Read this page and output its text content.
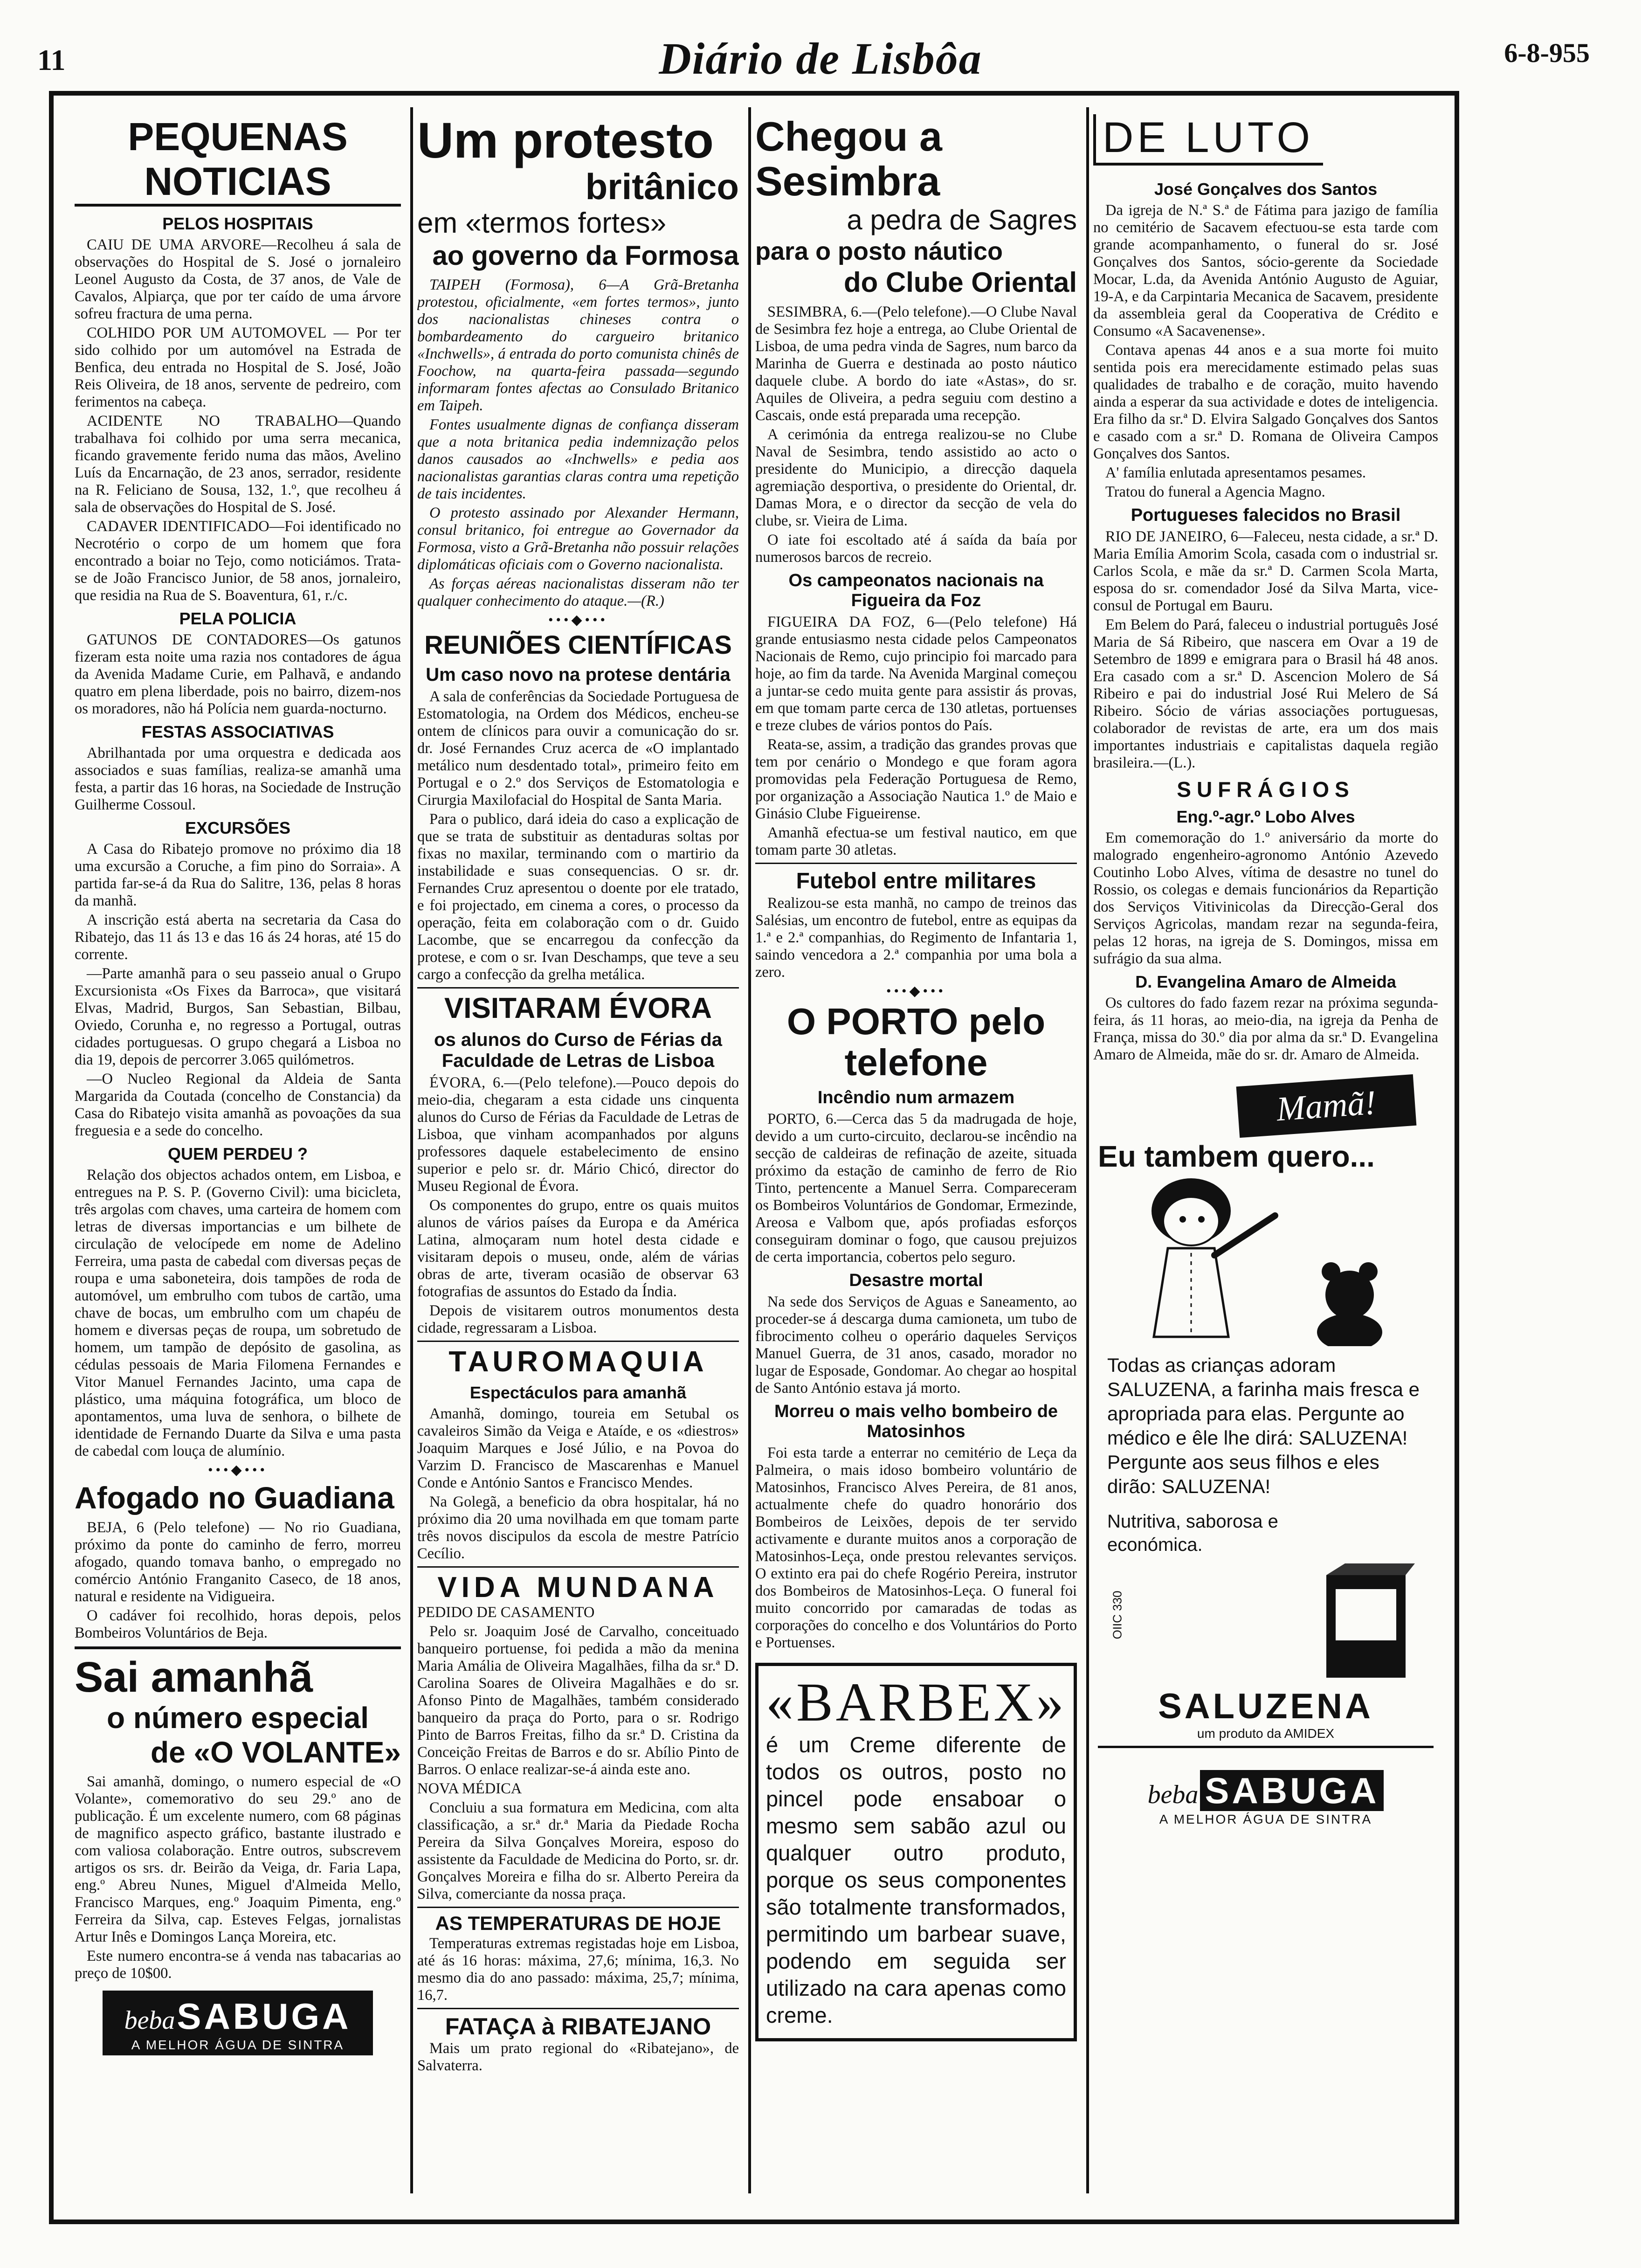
11	Diário de Lisbôa	6-8-955
PEQUENAS NOTICIAS
PELOS HOSPITAIS

CAIU DE UMA ARVORE—Recolheu á sala de observações do Hospital de S. José o jornaleiro Leonel Augusto da Costa, de 37 anos, de Vale de Cavalos, Alpiarça, que por ter caído de uma árvore sofreu fractura de uma perna.

COLHIDO POR UM AUTOMOVEL — Por ter sido colhido por um automóvel na Estrada de Benfica, deu entrada no Hospital de S. José, João Reis Oliveira, de 18 anos, servente de pedreiro, com ferimentos na cabeça.

ACIDENTE NO TRABALHO—Quando trabalhava foi colhido por uma serra mecanica, ficando gravemente ferido numa das mãos, Avelino Luís da Encarnação, de 23 anos, serrador, residente na R. Feliciano de Sousa, 132, 1.º, que recolheu á sala de observações do Hospital de S. José.

CADAVER IDENTIFICADO—Foi identificado no Necrotério o corpo de um homem que fora encontrado a boiar no Tejo, como noticiámos. Trata-se de João Francisco Junior, de 58 anos, jornaleiro, que residia na Rua de S. Boaventura, 61, r./c.

PELA POLICIA

GATUNOS DE CONTADORES—Os gatunos fizeram esta noite uma razia nos contadores de água da Avenida Madame Curie, em Palhavã, e andando quatro em plena liberdade, pois no bairro, dizem-nos os moradores, não há Polícia nem guarda-nocturno.

FESTAS ASSOCIATIVAS

Abrilhantada por uma orquestra e dedicada aos associados e suas famílias, realiza-se amanhã uma festa, a partir das 16 horas, na Sociedade de Instrução Guilherme Cossoul.

EXCURSÕES

A Casa do Ribatejo promove no próximo dia 18 uma excursão a Coruche, a fim pino do Sorraia». A partida far-se-á da Rua do Salitre, 136, pelas 8 horas da manhã.

A inscrição está aberta na secretaria da Casa do Ribatejo, das 11 ás 13 e das 16 ás 24 horas, até 15 do corrente.

—Parte amanhã para o seu passeio anual o Grupo Excursionista «Os Fixes da Barroca», que visitará Elvas, Madrid, Burgos, San Sebastian, Bilbau, Oviedo, Corunha e, no regresso a Portugal, outras cidades portuguesas. O grupo chegará a Lisboa no dia 19, depois de percorrer 3.065 quilómetros.

—O Nucleo Regional da Aldeia de Santa Margarida da Coutada (concelho de Constancia) da Casa do Ribatejo visita amanhã as povoações da sua freguesia e a sede do concelho.

QUEM PERDEU ?

Relação dos objectos achados ontem, em Lisboa, e entregues na P. S. P. (Governo Civil): uma bicicleta, três argolas com chaves, uma carteira de homem com letras de diversas importancias e um bilhete de circulação de velocípede em nome de Adelino Ferreira, uma pasta de cabedal com diversas peças de roupa e uma saboneteira, dois tampões de roda de automóvel, um embrulho com tubos de cartão, uma chave de bocas, um embrulho com um chapéu de homem e diversas peças de roupa, um sobretudo de homem, um tampão de depósito de gasolina, as cédulas pessoais de Maria Filomena Fernandes e Vitor Manuel Fernandes Jacinto, uma capa de plástico, uma máquina fotográfica, um bloco de apontamentos, uma luva de senhora, o bilhete de identidade de Fernando Duarte da Silva e uma pasta de cabedal com louça de alumínio.

•••◆•••
Afogado no Guadiana

BEJA, 6 (Pelo telefone) — No rio Guadiana, próximo da ponte do caminho de ferro, morreu afogado, quando tomava banho, o empregado no comércio António Franganito Caseco, de 18 anos, natural e residente na Vidigueira.

O cadáver foi recolhido, horas depois, pelos Bombeiros Voluntários de Beja.

Sai amanhã
o número especial
de «O VOLANTE»

Sai amanhã, domingo, o numero especial de «O Volante», comemorativo do seu 29.º ano de publicação. É um excelente numero, com 68 páginas de magnifico aspecto gráfico, bastante ilustrado e com valiosa colaboração. Entre outros, subscrevem artigos os srs. dr. Beirão da Veiga, dr. Faria Lapa, eng.º Abreu Nunes, Miguel d'Almeida Mello, Francisco Marques, eng.º Joaquim Pimenta, eng.º Ferreira da Silva, cap. Esteves Felgas, jornalistas Artur Inês e Domingos Lança Moreira, etc.

Este numero encontra-se á venda nas tabacarias ao preço de 10$00.

beba SABUGA
A MELHOR ÁGUA DE SINTRA
Um protesto
britânico
em «termos fortes»
ao governo da Formosa

TAIPEH (Formosa), 6—A Grã-Bretanha protestou, oficialmente, «em fortes termos», junto dos nacionalistas chineses contra o bombardeamento do cargueiro britanico «Inchwells», á entrada do porto comunista chinês de Foochow, na quarta-feira passada—segundo informaram fontes afectas ao Consulado Britanico em Taipeh.

Fontes usualmente dignas de confiança disseram que a nota britanica pedia indemnização pelos danos causados ao «Inchwells» e pedia aos nacionalistas garantias claras contra uma repetição de tais incidentes.

O protesto assinado por Alexander Hermann, consul britanico, foi entregue ao Governador da Formosa, visto a Grã-Bretanha não possuir relações diplomáticas oficiais com o Governo nacionalista.

As forças aéreas nacionalistas disseram não ter qualquer conhecimento do ataque.—(R.)

•••◆•••
REUNIÕES CIENTÍFICAS
Um caso novo na protese dentária

A sala de conferências da Sociedade Portuguesa de Estomatologia, na Ordem dos Médicos, encheu-se ontem de clínicos para ouvir a comunicação do sr. dr. José Fernandes Cruz acerca de «O implantado metálico num desdentado total», primeiro feito em Portugal e o 2.º dos Serviços de Estomatologia e Cirurgia Maxilofacial do Hospital de Santa Maria.

Para o publico, dará ideia do caso a explicação de que se trata de substituir as dentaduras soltas por fixas no maxilar, terminando com o martirio da instabilidade e suas consequencias. O sr. dr. Fernandes Cruz apresentou o doente por ele tratado, e foi projectado, em cinema a cores, o processo da operação, feita em colaboração com o dr. Guido Lacombe, que se encarregou da confecção da protese, e com o sr. Ivan Deschamps, que teve a seu cargo a confecção da grelha metálica.

VISITARAM ÉVORA
os alunos do Curso de Férias da Faculdade de Letras de Lisboa

ÉVORA, 6.—(Pelo telefone).—Pouco depois do meio-dia, chegaram a esta cidade uns cinquenta alunos do Curso de Férias da Faculdade de Letras de Lisboa, que vinham acompanhados por alguns professores daquele estabelecimento de ensino superior e pelo sr. dr. Mário Chicó, director do Museu Regional de Évora.

Os componentes do grupo, entre os quais muitos alunos de vários países da Europa e da América Latina, almoçaram num hotel desta cidade e visitaram depois o museu, onde, além de várias obras de arte, tiveram ocasião de observar 63 fotografias de assuntos do Estado da Índia.

Depois de visitarem outros monumentos desta cidade, regressaram a Lisboa.

TAUROMAQUIA
Espectáculos para amanhã

Amanhã, domingo, toureia em Setubal os cavaleiros Simão da Veiga e Ataíde, e os «diestros» Joaquim Marques e José Júlio, e na Povoa do Varzim D. Francisco de Mascarenhas e Manuel Conde e António Santos e Francisco Mendes.

Na Golegã, a beneficio da obra hospitalar, há no próximo dia 20 uma novilhada em que tomam parte três novos discipulos da escola de mestre Patrício Cecílio.

VIDA MUNDANA

PEDIDO DE CASAMENTO

Pelo sr. Joaquim José de Carvalho, conceituado banqueiro portuense, foi pedida a mão da menina Maria Amália de Oliveira Magalhães, filha da sr.ª D. Carolina Soares de Oliveira Magalhães e do sr. Afonso Pinto de Magalhães, também considerado banqueiro da praça do Porto, para o sr. Rodrigo Pinto de Barros Freitas, filho da sr.ª D. Cristina da Conceição Freitas de Barros e do sr. Abílio Pinto de Barros. O enlace realizar-se-á ainda este ano.

NOVA MÉDICA

Concluiu a sua formatura em Medicina, com alta classificação, a sr.ª dr.ª Maria da Piedade Rocha Pereira da Silva Gonçalves Moreira, esposo do assistente da Faculdade de Medicina do Porto, sr. dr. Gonçalves Moreira e filha do sr. Alberto Pereira da Silva, comerciante da nossa praça.

AS TEMPERATURAS DE HOJE

Temperaturas extremas registadas hoje em Lisboa, até ás 16 horas: máxima, 27,6; mínima, 16,3. No mesmo dia do ano passado: máxima, 25,7; mínima, 16,7.

FATAÇA à RIBATEJANO

Mais um prato regional do «Ribatejano», de Salvaterra.

Chegou a Sesimbra
a pedra de Sagres
para o posto náutico
do Clube Oriental

SESIMBRA, 6.—(Pelo telefone).—O Clube Naval de Sesimbra fez hoje a entrega, ao Clube Oriental de Lisboa, de uma pedra vinda de Sagres, num barco da Marinha de Guerra e destinada ao posto náutico daquele clube. A bordo do iate «Astas», do sr. Aquiles de Oliveira, a pedra seguiu com destino a Cascais, onde está preparada uma recepção.

A cerimónia da entrega realizou-se no Clube Naval de Sesimbra, tendo assistido ao acto o presidente do Municipio, a direcção daquela agremiação desportiva, o presidente do Oriental, dr. Damas Mora, e o director da secção de vela do clube, sr. Vieira de Lima.

O iate foi escoltado até á saída da baía por numerosos barcos de recreio.

Os campeonatos nacionais na Figueira da Foz

FIGUEIRA DA FOZ, 6—(Pelo telefone) Há grande entusiasmo nesta cidade pelos Campeonatos Nacionais de Remo, cujo principio foi marcado para hoje, ao fim da tarde. Na Avenida Marginal começou a juntar-se cedo muita gente para assistir ás provas, em que tomam parte cerca de 130 atletas, portuenses e treze clubes de vários pontos do País.

Reata-se, assim, a tradição das grandes provas que tem por cenário o Mondego e que foram agora promovidas pela Federação Portuguesa de Remo, por organização a Associação Nautica 1.º de Maio e Ginásio Clube Figueirense.

Amanhã efectua-se um festival nautico, em que tomam parte 30 atletas.

Futebol entre militares

Realizou-se esta manhã, no campo de treinos das Salésias, um encontro de futebol, entre as equipas da 1.ª e 2.ª companhias, do Regimento de Infantaria 1, saindo vencedora a 2.ª companhia por uma bola a zero.

•••◆•••
O PORTO pelo telefone
Incêndio num armazem

PORTO, 6.—Cerca das 5 da madrugada de hoje, devido a um curto-circuito, declarou-se incêndio na secção de caldeiras de refinação de azeite, situada próximo da estação de caminho de ferro de Rio Tinto, pertencente a Manuel Serra. Compareceram os Bombeiros Voluntários de Gondomar, Ermezinde, Areosa e Valbom que, após profiadas esforços conseguiram dominar o fogo, que causou prejuizos de certa importancia, cobertos pelo seguro.

Desastre mortal

Na sede dos Serviços de Aguas e Saneamento, ao proceder-se á descarga duma camioneta, um tubo de fibrocimento colheu o operário daqueles Serviços Manuel Guerra, de 31 anos, casado, morador no lugar de Esposade, Gondomar. Ao chegar ao hospital de Santo António estava já morto.

Morreu o mais velho bombeiro de Matosinhos

Foi esta tarde a enterrar no cemitério de Leça da Palmeira, o mais idoso bombeiro voluntário de Matosinhos, Francisco Alves Pereira, de 81 anos, actualmente chefe do quadro honorário dos Bombeiros de Leixões, depois de ter servido activamente e durante muitos anos a corporação de Matosinhos-Leça, onde prestou relevantes serviços. O extinto era pai do chefe Rogério Pereira, instrutor dos Bombeiros de Matosinhos-Leça. O funeral foi muito concorrido por camaradas de todas as corporações do concelho e dos Voluntários do Porto e Portuenses.

«BARBEX»
é um Creme diferente de todos os outros, posto no pincel pode ensaboar o mesmo sem sabão azul ou qualquer outro produto, porque os seus componentes são totalmente transformados, permitindo um barbear suave, podendo em seguida ser utilizado na cara apenas como creme.
DE LUTO
José Gonçalves dos Santos

Da igreja de N.ª S.ª de Fátima para jazigo de família no cemitério de Sacavem efectuou-se esta tarde com grande acompanhamento, o funeral do sr. José Gonçalves dos Santos, sócio-gerente da Sociedade Mocar, L.da, da Avenida António Augusto de Aguiar, 19-A, e da Carpintaria Mecanica de Sacavem, presidente da assembleia geral da Cooperativa de Crédito e Consumo «A Sacavenense».

Contava apenas 44 anos e a sua morte foi muito sentida pois era merecidamente estimado pelas suas qualidades de trabalho e de coração, muito havendo ainda a esperar da sua actividade e dotes de inteligencia. Era filho da sr.ª D. Elvira Salgado Gonçalves dos Santos e casado com a sr.ª D. Romana de Oliveira Campos Gonçalves dos Santos.

A' família enlutada apresentamos pesames.

Tratou do funeral a Agencia Magno.

Portugueses falecidos no Brasil

RIO DE JANEIRO, 6—Faleceu, nesta cidade, a sr.ª D. Maria Emília Amorim Scola, casada com o industrial sr. Carlos Scola, e mãe da sr.ª D. Carmen Scola Marta, esposa do sr. comendador José da Silva Marta, vice-consul de Portugal em Bauru.

Em Belem do Pará, faleceu o industrial português José Maria de Sá Ribeiro, que nascera em Ovar a 19 de Setembro de 1899 e emigrara para o Brasil há 48 anos. Era casado com a sr.ª D. Ascencion Molero de Sá Ribeiro e pai do industrial José Rui Melero de Sá Ribeiro. Sócio de várias associações portuguesas, colaborador de revistas de arte, era um dos mais importantes industriais e capitalistas daquela região brasileira.—(L.).

SUFRÁGIOS
Eng.º-agr.º Lobo Alves

Em comemoração do 1.º aniversário da morte do malogrado engenheiro-agronomo António Azevedo Coutinho Lobo Alves, vítima de desastre no tunel do Rossio, os colegas e demais funcionários da Repartição dos Serviços Vitivinicolas da Direcção-Geral dos Serviços Agricolas, mandam rezar na segunda-feira, pelas 12 horas, na igreja de S. Domingos, missa em sufrágio da sua alma.

D. Evangelina Amaro de Almeida

Os cultores do fado fazem rezar na próxima segunda-feira, ás 11 horas, ao meio-dia, na igreja da Penha de França, missa do 30.º dia por alma da sr.ª D. Evangelina Amaro de Almeida, mãe do sr. dr. Amaro de Almeida.

Mamã!
Eu tambem quero...
Todas as crianças adoram SALUZENA, a farinha mais fresca e apropriada para elas. Pergunte ao médico e êle lhe dirá: SALUZENA! Pergunte aos seus filhos e eles dirão: SALUZENA!
Nutritiva, saborosa e económica.
OIIC 330
SALUZENA
um produto da AMIDEX
beba SABUGA
A MELHOR ÁGUA DE SINTRA
